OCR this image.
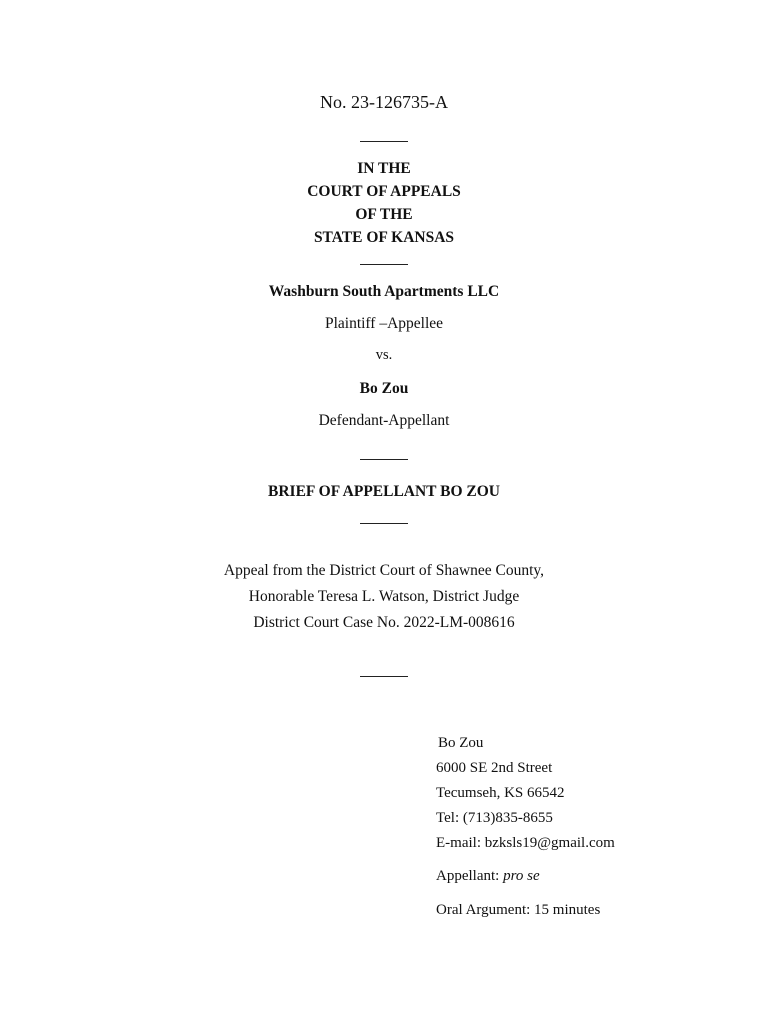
No. 23-126735-A
IN THE
COURT OF APPEALS
OF THE
STATE OF KANSAS
Washburn South Apartments LLC
Plaintiff –Appellee
vs.
Bo Zou
Defendant-Appellant
BRIEF OF APPELLANT BO ZOU
Appeal from the District Court of Shawnee County,
Honorable Teresa L. Watson, District Judge
District Court Case No. 2022-LM-008616
Bo Zou
6000 SE 2nd Street
Tecumseh, KS 66542
Tel: (713)835-8655
E-mail: bzksls19@gmail.com
Appellant: pro se
Oral Argument: 15 minutes
